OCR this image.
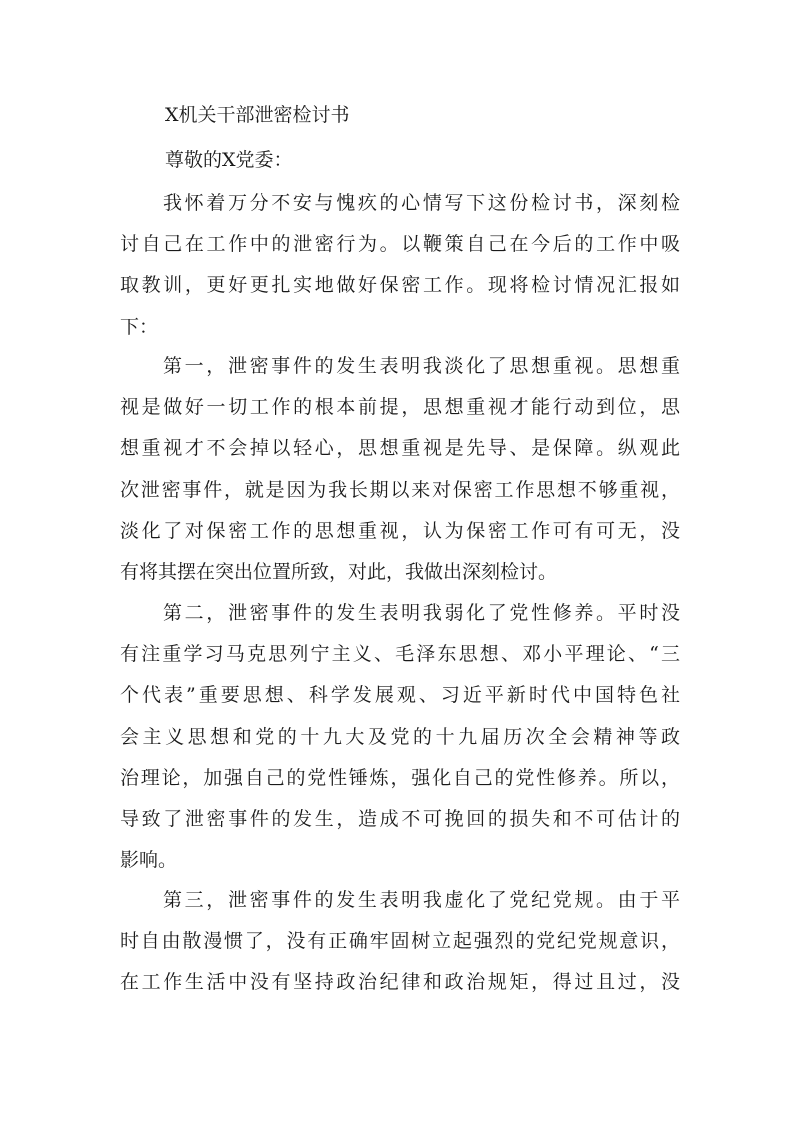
X机关干部泄密检讨书
尊敬的X党委：
我怀着万分不安与愧疚的心情写下这份检讨书，深刻检
讨自己在工作中的泄密行为。以鞭策自己在今后的工作中吸
取教训，更好更扎实地做好保密工作。现将检讨情况汇报如
下：
第一，泄密事件的发生表明我淡化了思想重视。思想重
视是做好一切工作的根本前提，思想重视才能行动到位，思
想重视才不会掉以轻心，思想重视是先导、是保障。纵观此
次泄密事件，就是因为我长期以来对保密工作思想不够重视，
淡化了对保密工作的思想重视，认为保密工作可有可无，没
有将其摆在突出位置所致，对此，我做出深刻检讨。
第二，泄密事件的发生表明我弱化了党性修养。平时没
有注重学习马克思列宁主义、毛泽东思想、邓小平理论、“三
个代表”重要思想、科学发展观、习近平新时代中国特色社
会主义思想和党的十九大及党的十九届历次全会精神等政
治理论，加强自己的党性锤炼，强化自己的党性修养。所以，
导致了泄密事件的发生，造成不可挽回的损失和不可估计的
影响。
第三，泄密事件的发生表明我虚化了党纪党规。由于平
时自由散漫惯了，没有正确牢固树立起强烈的党纪党规意识，
在工作生活中没有坚持政治纪律和政治规矩，得过且过，没
